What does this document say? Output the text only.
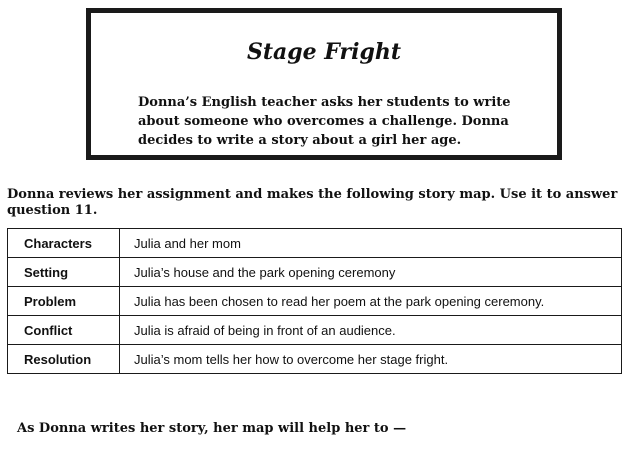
Stage Fright

Donna’s English teacher asks her students to write about someone who overcomes a challenge. Donna decides to write a story about a girl her age.

Donna reviews her assignment and makes the following story map. Use it to answer question 11.

Characters	Julia and her mom
Setting	Julia’s house and the park opening ceremony
Problem	Julia has been chosen to read her poem at the park opening ceremony.
Conflict	Julia is afraid of being in front of an audience.
Resolution	Julia’s mom tells her how to overcome her stage fright.

As Donna writes her story, her map will help her to —
